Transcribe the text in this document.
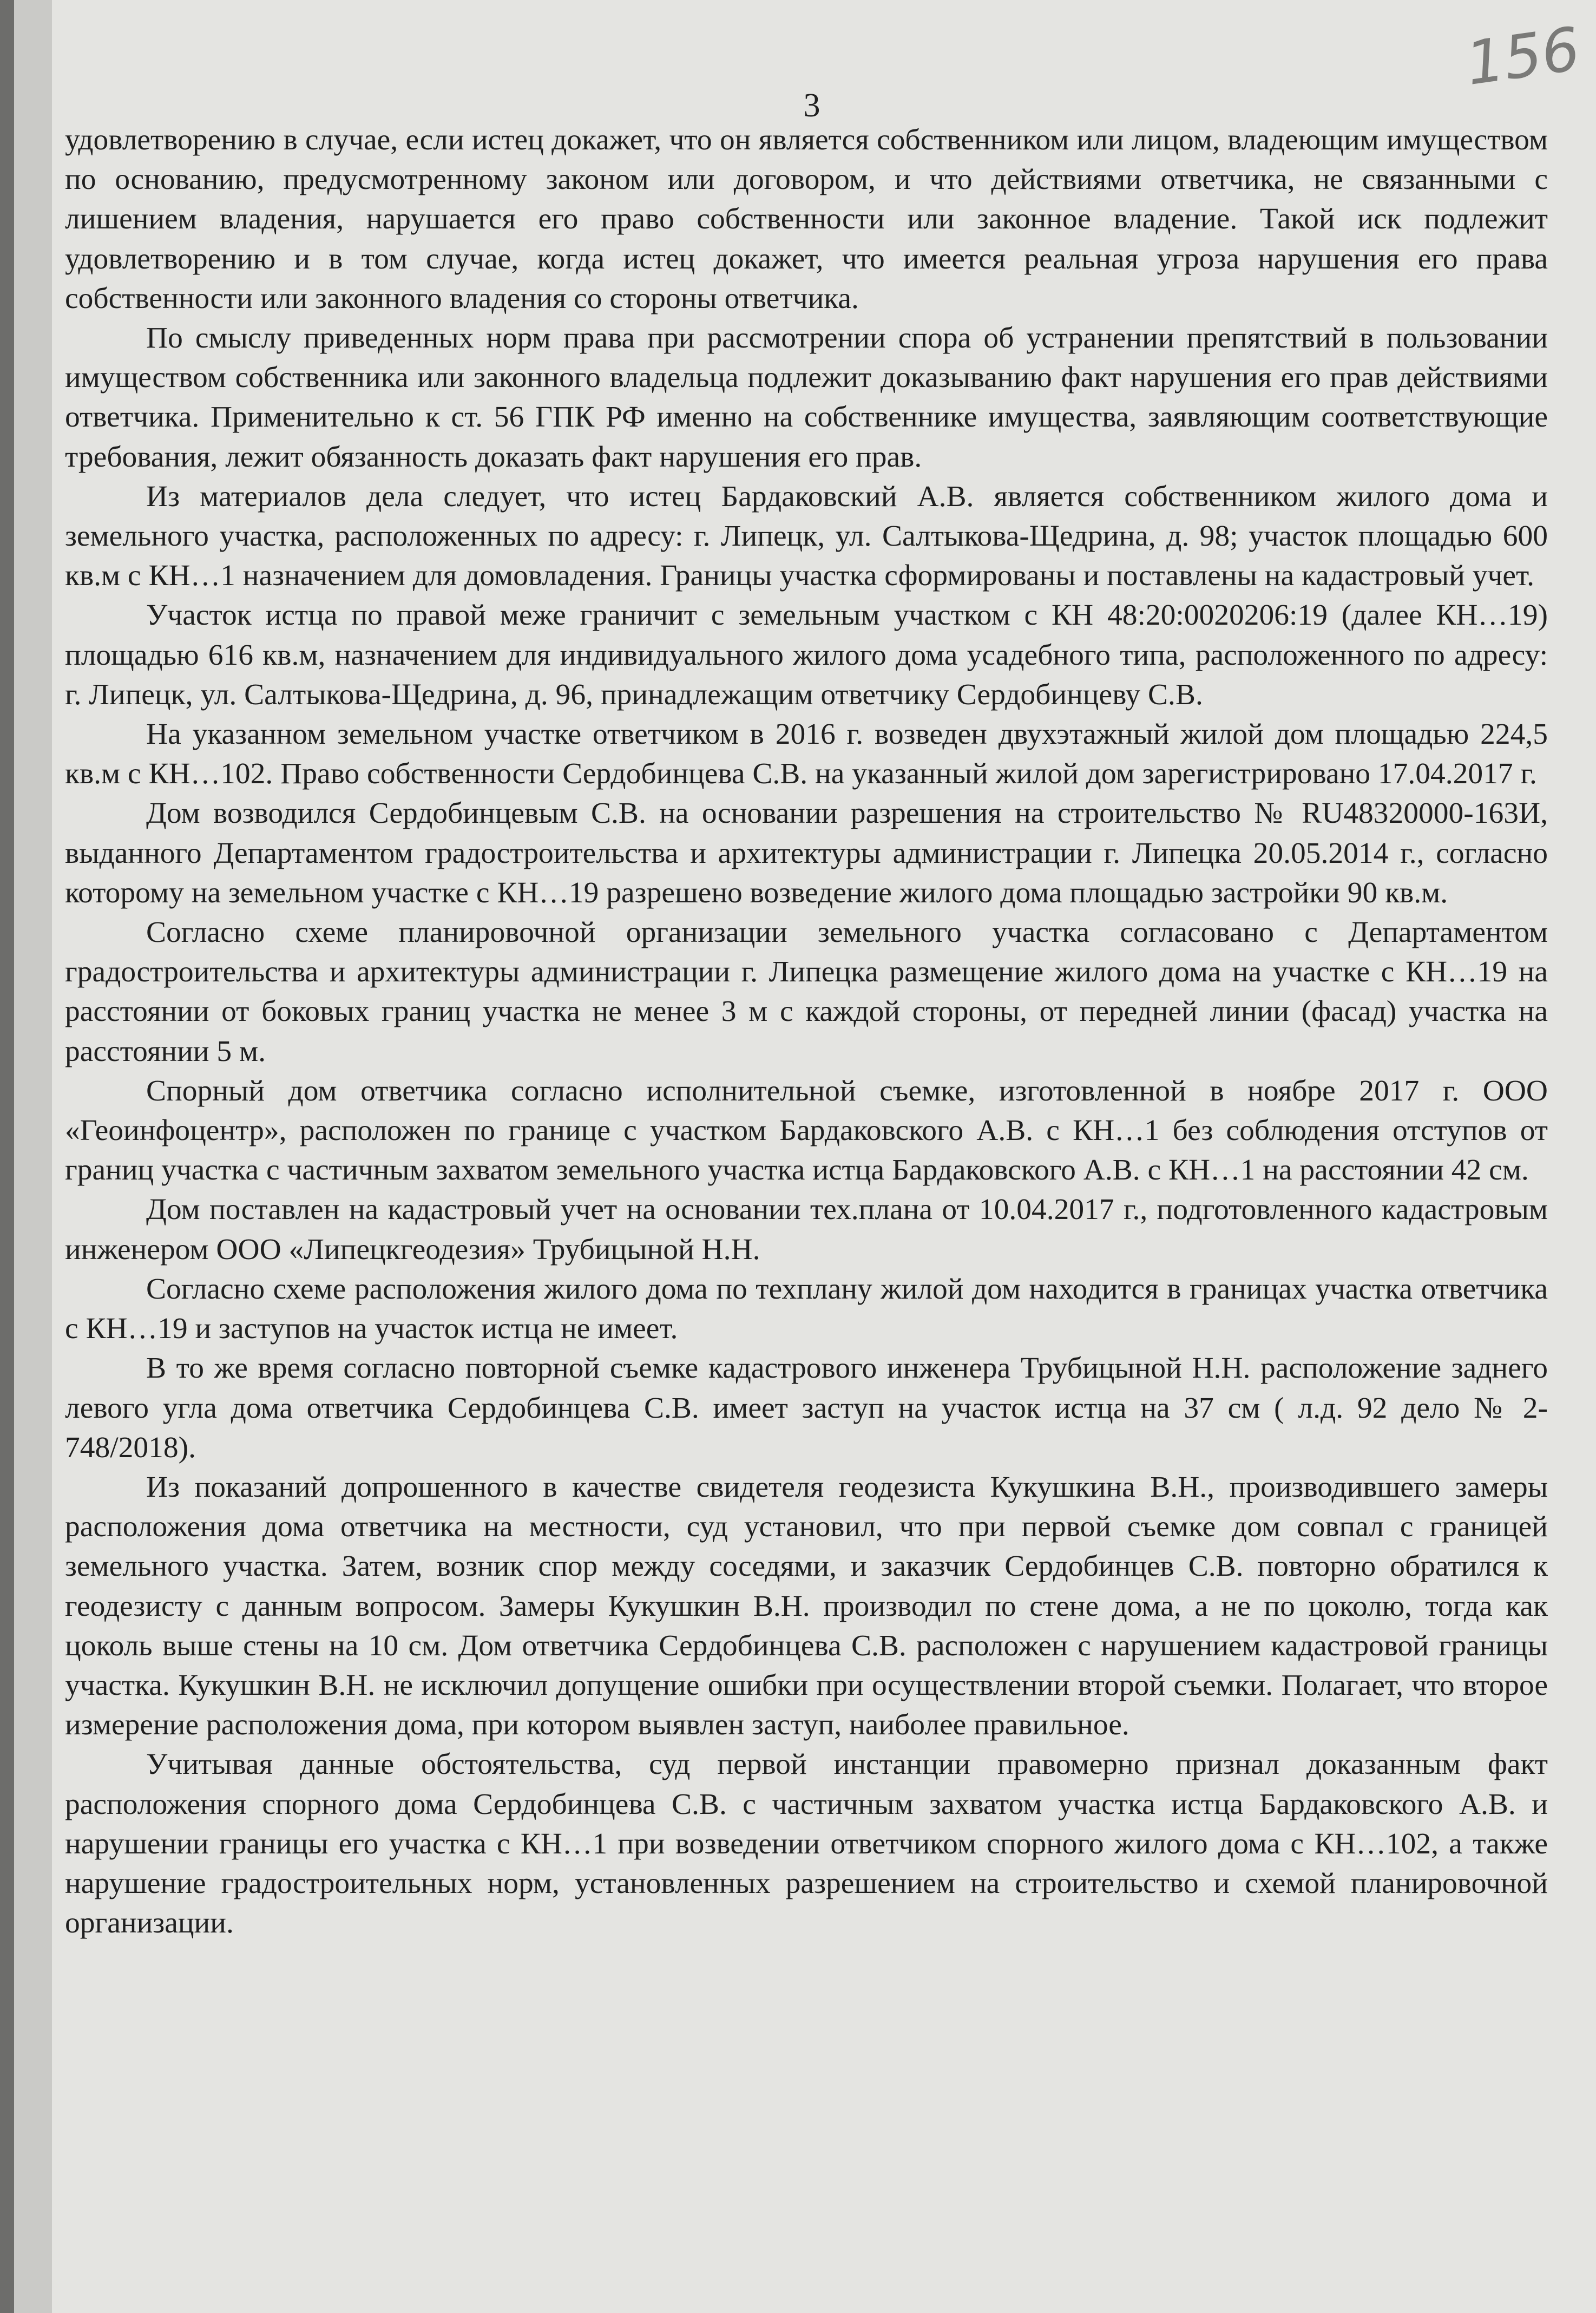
156
3

удовлетворению в случае, если истец докажет, что он является собственником или лицом, владеющим имуществом по основанию, предусмотренному законом или договором, и что действиями ответчика, не связанными с лишением владения, нарушается его право собственности или законное владение. Такой иск подлежит удовлетворению и в том случае, когда истец докажет, что имеется реальная угроза нарушения его права собственности или законного владения со стороны ответчика.

По смыслу приведенных норм права при рассмотрении спора об устранении препятствий в пользовании имуществом собственника или законного владельца подлежит доказыванию факт нарушения его прав действиями ответчика. Применительно к ст. 56 ГПК РФ именно на собственнике имущества, заявляющим соответствующие требования, лежит обязанность доказать факт нарушения его прав.

Из материалов дела следует, что истец Бардаковский А.В. является собственником жилого дома и земельного участка, расположенных по адресу: г. Липецк, ул. Салтыкова-Щедрина, д. 98; участок площадью 600 кв.м с КН…1 назначением для домовладения. Границы участка сформированы и поставлены на кадастровый учет.

Участок истца по правой меже граничит с земельным участком с КН 48:20:0020206:19 (далее КН…19) площадью 616 кв.м, назначением для индивидуального жилого дома усадебного типа, расположенного по адресу: г. Липецк, ул. Салтыкова-Щедрина, д. 96, принадлежащим ответчику Сердобинцеву С.В.

На указанном земельном участке ответчиком в 2016 г. возведен двухэтажный жилой дом площадью 224,5 кв.м с КН…102. Право собственности Сердобинцева С.В. на указанный жилой дом зарегистрировано 17.04.2017 г.

Дом возводился Сердобинцевым С.В. на основании разрешения на строительство № RU48320000-163И, выданного Департаментом градостроительства и архитектуры администрации г. Липецка 20.05.2014 г., согласно которому на земельном участке с КН…19 разрешено возведение жилого дома площадью застройки 90 кв.м.

Согласно схеме планировочной организации земельного участка согласовано с Департаментом градостроительства и архитектуры администрации г. Липецка размещение жилого дома на участке с КН…19 на расстоянии от боковых границ участка не менее 3 м с каждой стороны, от передней линии (фасад) участка на расстоянии 5 м.

Спорный дом ответчика согласно исполнительной съемке, изготовленной в ноябре 2017 г. ООО «Геоинфоцентр», расположен по границе с участком Бардаковского А.В. с КН…1 без соблюдения отступов от границ участка с частичным захватом земельного участка истца Бардаковского А.В. с КН…1 на расстоянии 42 см.

Дом поставлен на кадастровый учет на основании тех.плана от 10.04.2017 г., подготовленного кадастровым инженером ООО «Липецкгеодезия» Трубицыной Н.Н.

Согласно схеме расположения жилого дома по техплану жилой дом находится в границах участка ответчика с КН…19 и заступов на участок истца не имеет.

В то же время согласно повторной съемке кадастрового инженера Трубицыной Н.Н. расположение заднего левого угла дома ответчика Сердобинцева С.В. имеет заступ на участок истца на 37 см ( л.д. 92 дело № 2-748/2018).

Из показаний допрошенного в качестве свидетеля геодезиста Кукушкина В.Н., производившего замеры расположения дома ответчика на местности, суд установил, что при первой съемке дом совпал с границей земельного участка. Затем, возник спор между соседями, и заказчик Сердобинцев С.В. повторно обратился к геодезисту с данным вопросом. Замеры Кукушкин В.Н. производил по стене дома, а не по цоколю, тогда как цоколь выше стены на 10 см. Дом ответчика Сердобинцева С.В. расположен с нарушением кадастровой границы участка. Кукушкин В.Н. не исключил допущение ошибки при осуществлении второй съемки. Полагает, что второе измерение расположения дома, при котором выявлен заступ, наиболее правильное.

Учитывая данные обстоятельства, суд первой инстанции правомерно признал доказанным факт расположения спорного дома Сердобинцева С.В. с частичным захватом участка истца Бардаковского А.В. и нарушении границы его участка с КН…1 при возведении ответчиком спорного жилого дома с КН…102, а также нарушение градостроительных норм, установленных разрешением на строительство и схемой планировочной организации.
